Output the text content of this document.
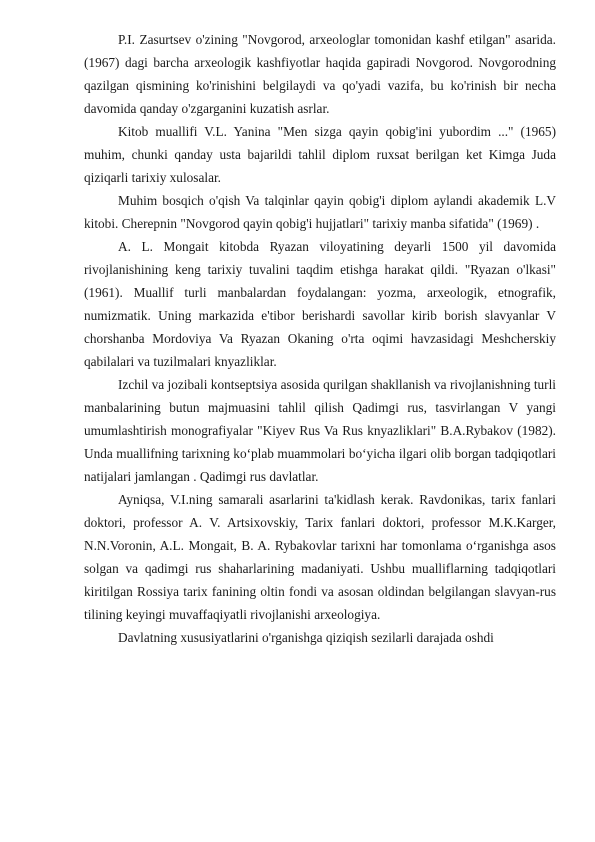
P.I. Zasurtsev o'zining "Novgorod, arxeologlar tomonidan kashf etilgan" asarida. (1967) dagi barcha arxeologik kashfiyotlar haqida gapiradi Novgorod. Novgorodning qazilgan qismining ko'rinishini belgilaydi va qo'yadi vazifa, bu ko'rinish bir necha davomida qanday o'zgarganini kuzatish asrlar.

Kitob muallifi V.L. Yanina "Men sizga qayin qobig'ini yubordim ..." (1965) muhim, chunki qanday usta bajarildi tahlil diplom ruxsat berilgan ket Kimga Juda qiziqarli tarixiy xulosalar.

Muhim bosqich o'qish Va talqinlar qayin qobig'i diplom aylandi akademik L.V kitobi. Cherepnin "Novgorod qayin qobig'i hujjatlari" tarixiy manba sifatida" (1969) .

A. L. Mongait kitobda Ryazan viloyatining deyarli 1500 yil davomida rivojlanishining keng tarixiy tuvalini taqdim etishga harakat qildi. "Ryazan o'lkasi" (1961). Muallif turli manbalardan foydalangan: yozma, arxeologik, etnografik, numizmatik. Uning markazida e'tibor berishardi savollar kirib borish slavyanlar V chorshanba Mordoviya Va Ryazan Okaning o'rta oqimi havzasidagi Meshcherskiy qabilalari va tuzilmalari knyazliklar.

Izchil va jozibali kontseptsiya asosida qurilgan shakllanish va rivojlanishning turli manbalarining butun majmuasini tahlil qilish Qadimgi rus, tasvirlangan V yangi umumlashtirish monografiyalar "Kiyev Rus Va Rus knyazliklari" B.A.Rybakov (1982). Unda muallifning tarixning ko‘plab muammolari bo‘yicha ilgari olib borgan tadqiqotlari natijalari jamlangan . Qadimgi rus davlatlar.

Ayniqsa, V.I.ning samarali asarlarini ta'kidlash kerak. Ravdonikas, tarix fanlari doktori, professor A. V. Artsixovskiy, Tarix fanlari doktori, professor M.K.Karger, N.N.Voronin, A.L. Mongait, B. A. Rybakovlar tarixni har tomonlama o‘rganishga asos solgan va qadimgi rus shaharlarining madaniyati. Ushbu mualliflarning tadqiqotlari kiritilgan Rossiya tarix fanining oltin fondi va asosan oldindan belgilangan slavyan-rus tilining keyingi muvaffaqiyatli rivojlanishi arxeologiya.

Davlatning xususiyatlarini o'rganishga qiziqish sezilarli darajada oshdi
